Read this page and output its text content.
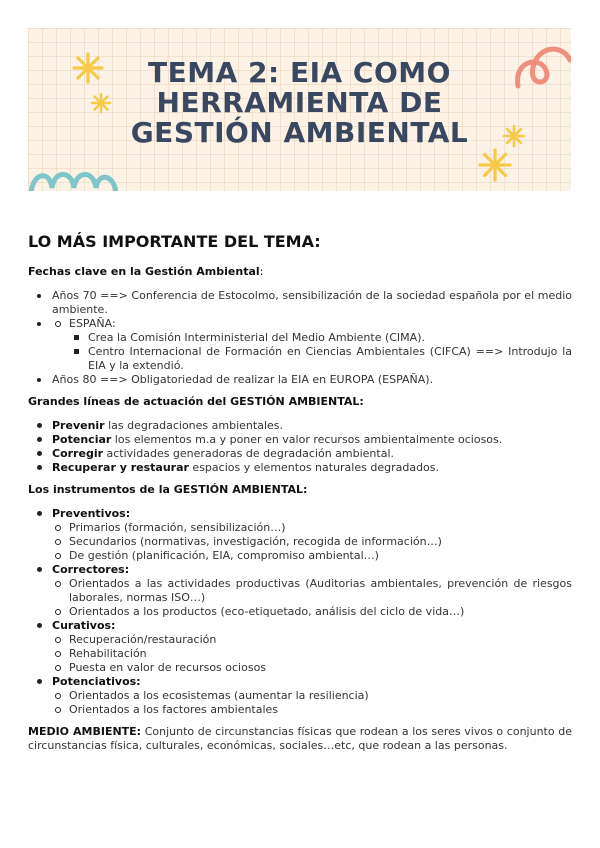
TEMA 2: EIA COMO
HERRAMIENTA DE
GESTIÓN AMBIENTAL
LO MÁS IMPORTANTE DEL TEMA:
Fechas clave en la Gestión Ambiental:
Años 70 ==> Conferencia de Estocolmo, sensibilización de la sociedad española por el medio ambiente.
ESPAÑA:
Crea la Comisión Interministerial del Medio Ambiente (CIMA).
Centro Internacional de Formación en Ciencias Ambientales (CIFCA) ==> Introdujo la EIA y la extendió.
Años 80 ==> Obligatoriedad de realizar la EIA en EUROPA (ESPAÑA).
Grandes líneas de actuación del GESTIÓN AMBIENTAL:
Prevenir las degradaciones ambientales.
Potenciar los elementos m.a y poner en valor recursos ambientalmente ociosos.
Corregir actividades generadoras de degradación ambiental.
Recuperar y restaurar espacios y elementos naturales degradados.
Los instrumentos de la GESTIÓN AMBIENTAL:
Preventivos:
Primarios (formación, sensibilización…)
Secundarios (normativas, investigación, recogida de información…)
De gestión (planificación, EIA, compromiso ambiental…)
Correctores:
Orientados a las actividades productivas (Auditorias ambientales, prevención de riesgos laborales, normas ISO…)
Orientados a los productos (eco-etiquetado, análisis del ciclo de vida…)
Curativos:
Recuperación/restauración
Rehabilitación
Puesta en valor de recursos ociosos
Potenciativos:
Orientados a los ecosistemas (aumentar la resiliencia)
Orientados a los factores ambientales

MEDIO AMBIENTE: Conjunto de circunstancias físicas que rodean a los seres vivos o conjunto de circunstancias física, culturales, económicas, sociales…etc, que rodean a las personas.
